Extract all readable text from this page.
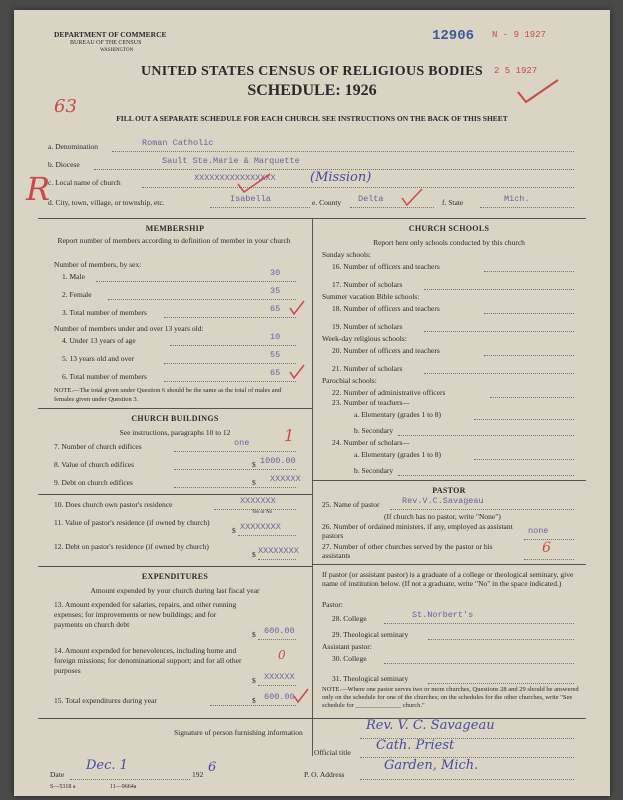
DEPARTMENT OF COMMERCE
BUREAU OF THE CENSUS
WASHINGTON
12906 N - 9 1927
2 5 1927
UNITED STATES CENSUS OF RELIGIOUS BODIES
SCHEDULE: 1926
63
FILL OUT A SEPARATE SCHEDULE FOR EACH CHURCH. SEE INSTRUCTIONS ON THE BACK OF THIS SHEET
a. Denomination	Roman Catholic
b. Diocese	Sault Ste.Marie & Marquette
c. Local name of church	XXXXXXXXXXXXXXXX	(Mission)
R
d. City, town, village, or township, etc.	Isabella	e. County Delta	f. State	Mich.
MEMBERSHIP
Report number of members according to definition of member in your church
Number of members, by sex:
1. Male	30
2. Female	35
3. Total number of members	65
Number of members under and over 13 years old:
4. Under 13 years of age	10
5. 13 years old and over	55
6. Total number of members	65
NOTE.—The total given under Question 6 should be the same as the total of males and females given under Question 3.
CHURCH BUILDINGS
See instructions, paragraphs 10 to 12
7. Number of church edifices	one 1
8. Value of church edifices	$ 1000.00
9. Debt on church edifices	$ XXXXXX
10. Does church own pastor's residence	XXXXXXX
Yes or No
11. Value of pastor's residence (if owned by church)
$ XXXXXXXX
12. Debt on pastor's residence (if owned by church)
$ XXXXXXXX
EXPENDITURES
Amount expended by your church during last fiscal year
13. Amount expended for salaries, repairs, and other running expenses; for improvements or new buildings; and for payments on church debt
$ 600.00
14. Amount expended for benevolences, including home and foreign missions; for denominational support; and for all other purposes
0
$ XXXXXX
15. Total expenditures during year	$ 600.00
CHURCH SCHOOLS
Report here only schools conducted by this church
Sunday schools:
16. Number of officers and teachers
17. Number of scholars
Summer vacation Bible schools:
18. Number of officers and teachers
19. Number of scholars
Week-day religious schools:
20. Number of officers and teachers
21. Number of scholars
Parochial schools:
22. Number of administrative officers
23. Number of teachers—
a. Elementary (grades 1 to 8)
b. Secondary
24. Number of scholars—
a. Elementary (grades 1 to 8)
b. Secondary
PASTOR
25. Name of pastor	Rev.V.C.Savageau
(If church has no pastor, write "None")
26. Number of ordained ministers, if any, employed as assistant pastors	none
27. Number of other churches served by the pastor or his assistants	6
If pastor (or assistant pastor) is a graduate of a college or theological seminary, give name of institution below. (If not a graduate, write "No" in the space indicated.)
Pastor:
28. College	St.Norbert's
29. Theological seminary
Assistant pastor:
30. College
31. Theological seminary
NOTE.—Where one pastor serves two or more churches, Questions 28 and 29 should be answered only on the schedule for one of the churches; on the schedules for the other churches, write "See schedule for ______________ church."
Signature of person furnishing information	Rev. V. C. Savageau
Official title Cath. Priest
Date
Dec. 1
192 6	P. O. Address
Garden, Mich.
S—5318 a	11—9664a
